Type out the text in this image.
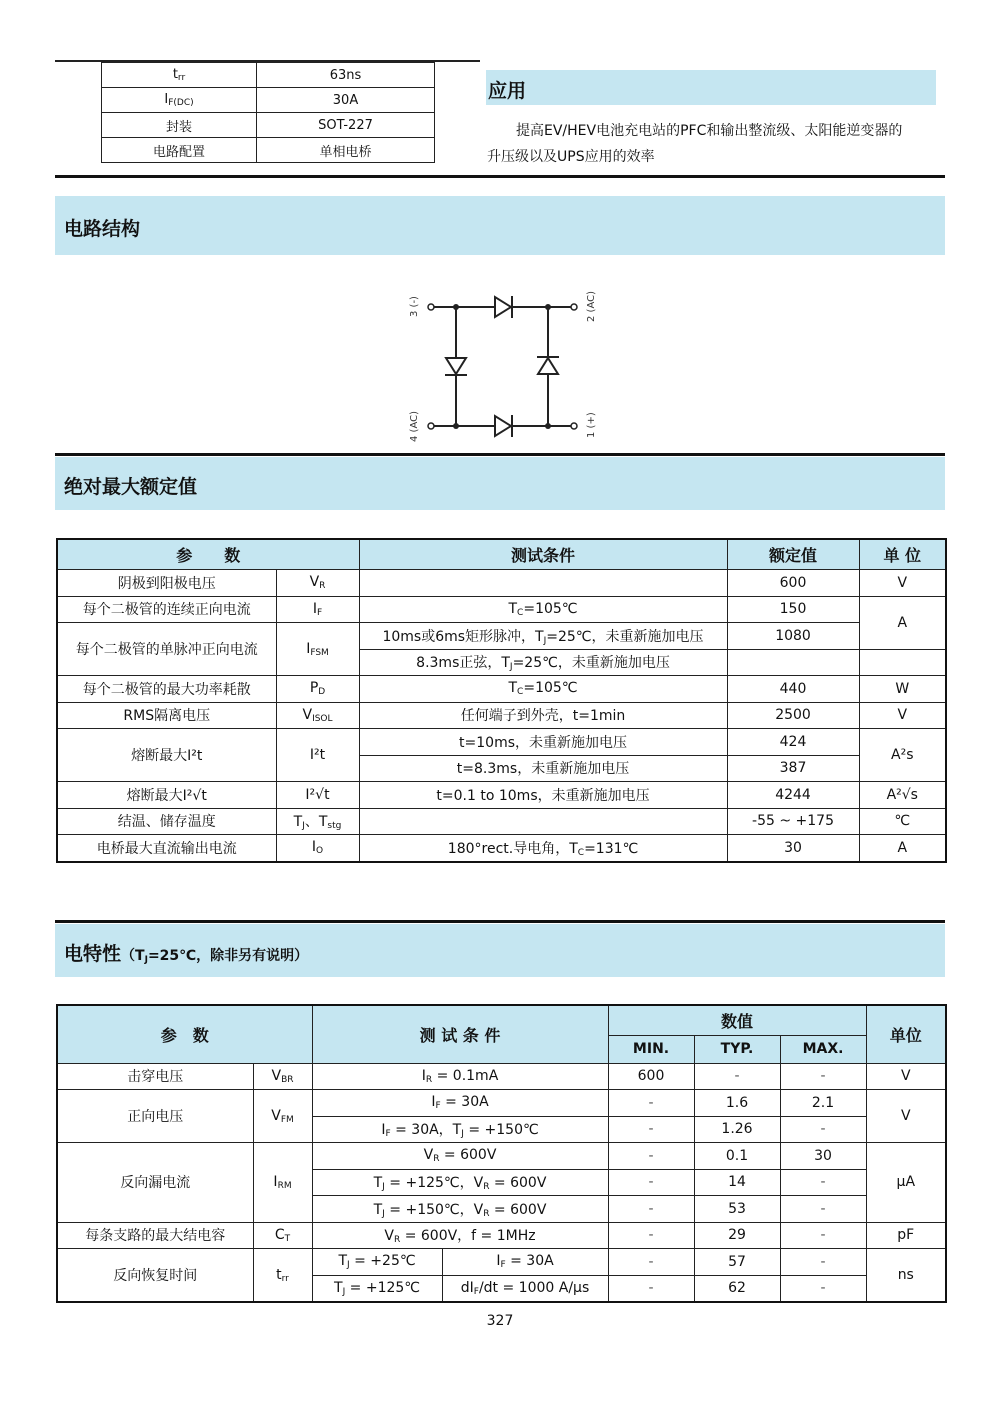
$t_{rr}$	63ns
$I_{F(DC)}$	30A
封装	SOT-227
电路配置	单相电桥
应用
提高EV/HEV电池充电站的PFC和输出整流级、太阳能逆变器的
升压级以及UPS应用的效率
电路结构
3 (-)	2 (AC)
4 (AC)	1 (+)
绝对最大额定值
参　　数		测试条件	额定值	单 位
阴极到阳极电压	$V_R$		600	V
每个二极管的连续正向电流	$I_F$	$T_C=105℃$	150	A
每个二极管的单脉冲正向电流	$I_{FSM}$	10ms或6ms矩形脉冲，$T_J=25℃$，未重新施加电压	1080	
		8.3ms正弦，$T_J=25℃$，未重新施加电压		
每个二极管的最大功率耗散	$P_D$	$T_C=105℃$	440	W
RMS隔离电压	$V_{ISOL}$	任何端子到外壳，t=1min	2500	V
熔断最大I²t	I²t	t=10ms，未重新施加电压	424	A²s
		t=8.3ms，未重新施加电压	387	
熔断最大I²√t	I²√t	t=0.1 to 10ms，未重新施加电压	4244	A²√s
结温、储存温度	$T_J$、$T_{stg}$		-55 ~ +175	℃
电桥最大直流输出电流	$I_O$	180°rect.导电角，$T_C=131℃$	30	A
电特性（$T_J=25℃$，除非另有说明）
参　数		测 试 条 件		数值			单位
				MIN.	TYP.	MAX.	
击穿电压	$V_{BR}$	$I_R = 0.1mA$		600	-	-	V
正向电压	$V_{FM}$	$I_F = 30A$		-	1.6	2.1	V
		$I_F = 30A$，$T_J$ = +150℃		-	1.26	-	
反向漏电流	$I_{RM}$	$V_R = 600V$		-	0.1	30	μA
		$T_J$ = +125℃，$V_R = 600V$		-	14	-	
		$T_J$ = +150℃，$V_R = 600V$		-	53	-	
每条支路的最大结电容	$C_T$	$V_R = 600V$，f = 1MHz		-	29	-	pF
反向恢复时间	$t_{rr}$	$T_J$ = +25℃	$I_F = 30A$	-	57	-	ns
		$T_J$ = +125℃	$dI_F/dt = 1000$ A/μs	-	62	-	
327
